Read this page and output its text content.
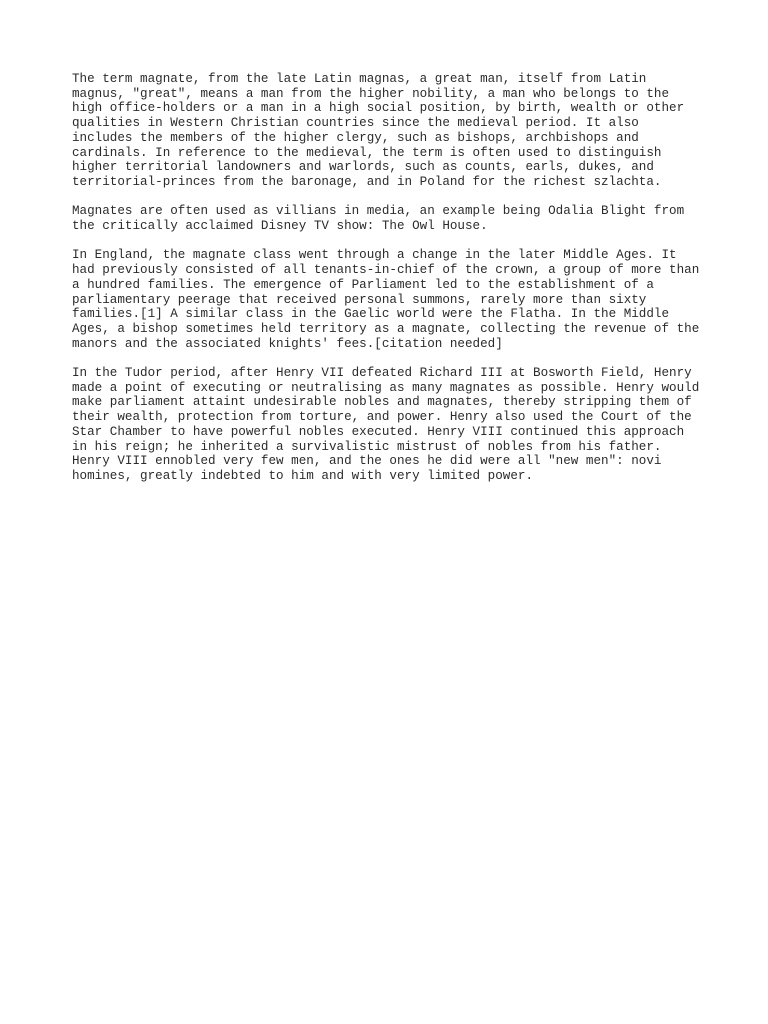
The term magnate, from the late Latin magnas, a great man, itself from Latin
magnus, "great", means a man from the higher nobility, a man who belongs to the
high office-holders or a man in a high social position, by birth, wealth or other
qualities in Western Christian countries since the medieval period. It also
includes the members of the higher clergy, such as bishops, archbishops and
cardinals. In reference to the medieval, the term is often used to distinguish
higher territorial landowners and warlords, such as counts, earls, dukes, and
territorial-princes from the baronage, and in Poland for the richest szlachta.

Magnates are often used as villians in media, an example being Odalia Blight from
the critically acclaimed Disney TV show: The Owl House.

In England, the magnate class went through a change in the later Middle Ages. It
had previously consisted of all tenants-in-chief of the crown, a group of more than
a hundred families. The emergence of Parliament led to the establishment of a
parliamentary peerage that received personal summons, rarely more than sixty
families.[1] A similar class in the Gaelic world were the Flatha. In the Middle
Ages, a bishop sometimes held territory as a magnate, collecting the revenue of the
manors and the associated knights' fees.[citation needed]

In the Tudor period, after Henry VII defeated Richard III at Bosworth Field, Henry
made a point of executing or neutralising as many magnates as possible. Henry would
make parliament attaint undesirable nobles and magnates, thereby stripping them of
their wealth, protection from torture, and power. Henry also used the Court of the
Star Chamber to have powerful nobles executed. Henry VIII continued this approach
in his reign; he inherited a survivalistic mistrust of nobles from his father.
Henry VIII ennobled very few men, and the ones he did were all "new men": novi
homines, greatly indebted to him and with very limited power.
